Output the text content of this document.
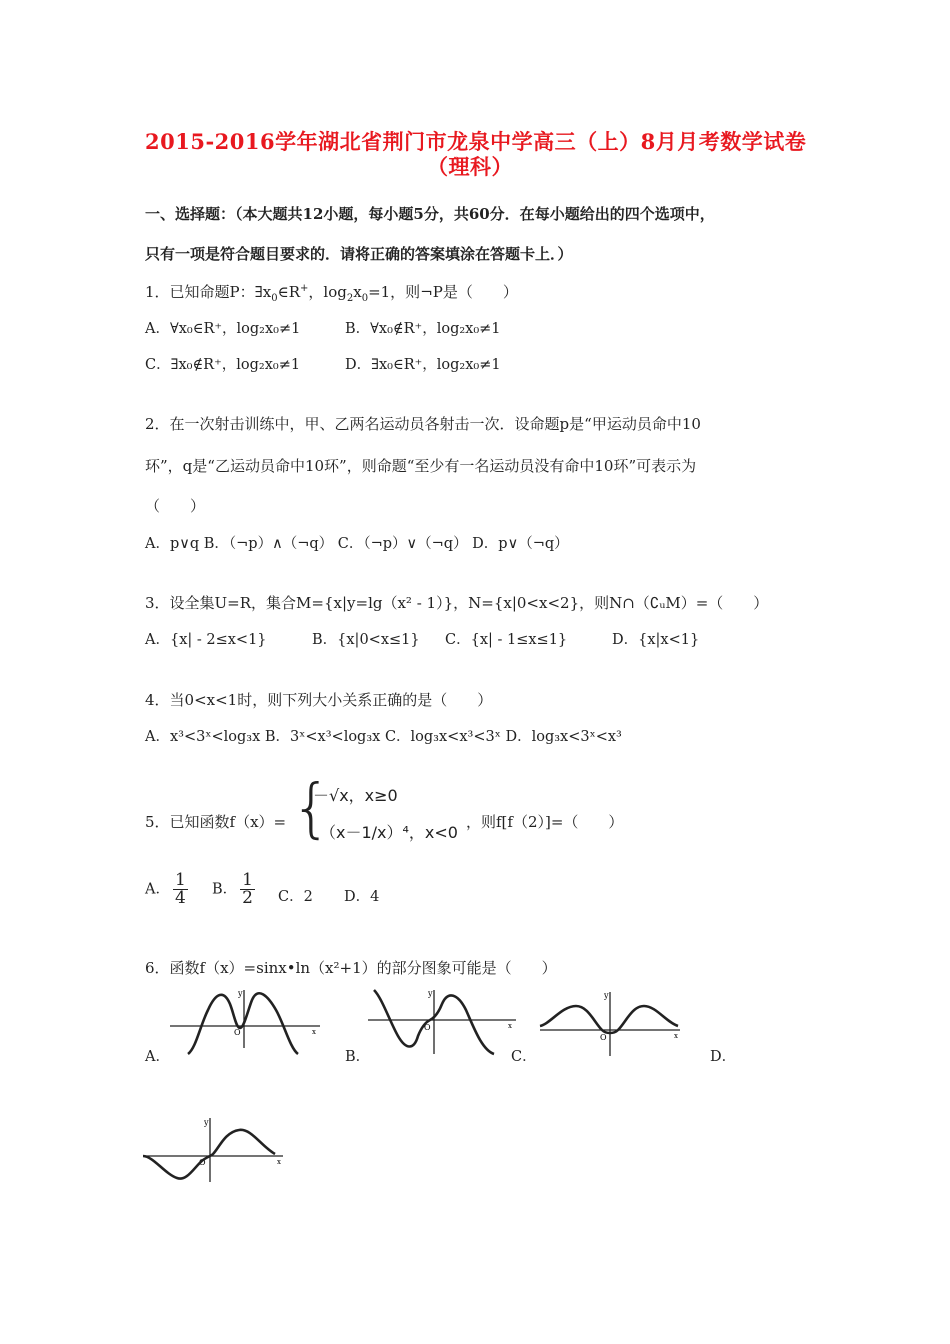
2015-2016学年湖北省荆门市龙泉中学高三（上）8月月考数学试卷
（理科）
一、选择题：（本大题共12小题，每小题5分，共60分．在每小题给出的四个选项中，
只有一项是符合题目要求的．请将正确的答案填涂在答题卡上．）
1．已知命题P：$\exists x_0\in R^+$，$\log_2x_0=1$，则¬P是（　　）
A．∀x₀∈R⁺，log₂x₀≠1	B．∀x₀∉R⁺，log₂x₀≠1
C．∃x₀∉R⁺，log₂x₀≠1	D．∃x₀∈R⁺，log₂x₀≠1
2．在一次射击训练中，甲、乙两名运动员各射击一次．设命题p是“甲运动员命中10
环”，q是“乙运动员命中10环”，则命题“至少有一名运动员没有命中10环”可表示为
（　　）
A．p∨q B．（¬p）∧（¬q） C．（¬p）∨（¬q） D．p∨（¬q）
3．设全集U=R，集合M={x|y=lg（x² - 1）}，N={x|0<x<2}，则N∩（∁ᵤM）=（　　）
A．{x| - 2≤x<1}	B．{x|0<x≤1} C．{x| - 1≤x≤1}	D．{x|x<1}
4．当0<x<1时，则下列大小关系正确的是（　　）
A．x³<3ˣ<log₃x B．3ˣ<x³<log₃x C．log₃x<x³<3ˣ D．log₃x<3ˣ<x³
5．已知函数f（x）= {
－√x，x≥0
（x－1/x）⁴，x<0
，则f[f（2）]=（　　）
A． $\frac{1}{4}$ B． $\frac{1}{2}$ C．2 D．4
6．函数f（x）=sinx•ln（x²+1）的部分图象可能是（　　）
y
x
O
A．
y
x
O
B．
y
x
O
C．	D．
y
x
O
